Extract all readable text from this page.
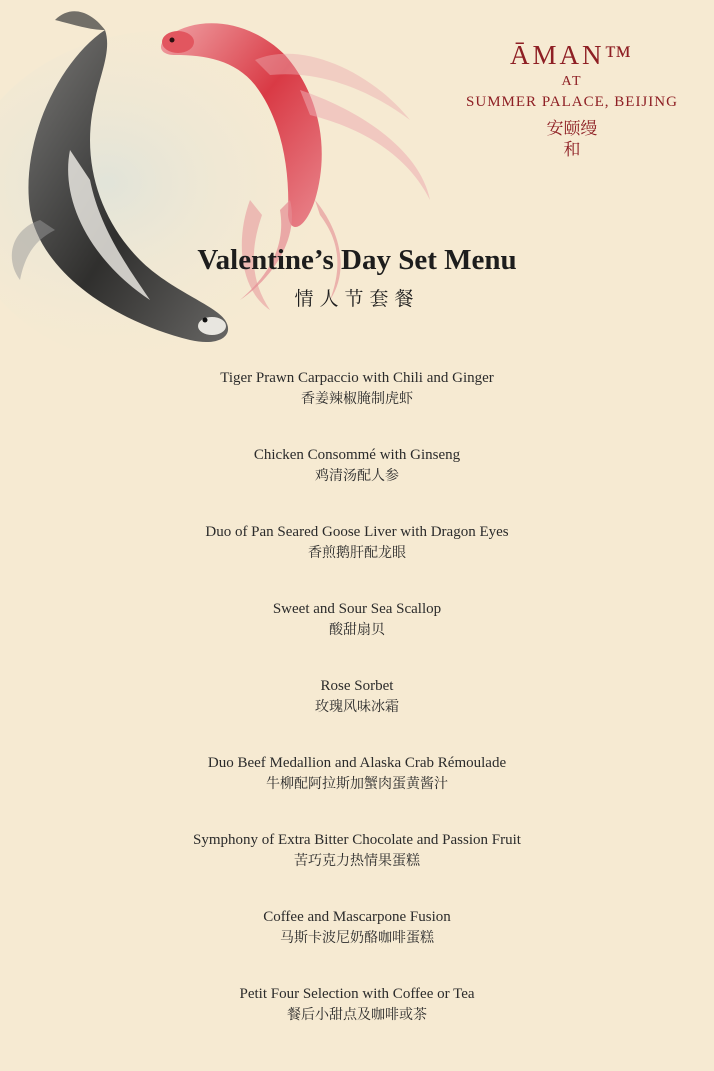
ĀMAN™
AT
SUMMER PALACE, BEIJING
安颐缦和
Valentine’s Day Set Menu
情人节套餐
Tiger Prawn Carpaccio with Chili and Ginger
香姜辣椒腌制虎虾
Chicken Consommé with Ginseng
鸡清汤配人参
Duo of Pan Seared Goose Liver with Dragon Eyes
香煎鹅肝配龙眼
Sweet and Sour Sea Scallop
酸甜扇贝
Rose Sorbet
玫瑰风味冰霜
Duo Beef Medallion and Alaska Crab Rémoulade
牛柳配阿拉斯加蟹肉蛋黄酱汁
Symphony of Extra Bitter Chocolate and Passion Fruit
苦巧克力热情果蛋糕
Coffee and Mascarpone Fusion
马斯卡波尼奶酪咖啡蛋糕
Petit Four Selection with Coffee or Tea
餐后小甜点及咖啡或茶
